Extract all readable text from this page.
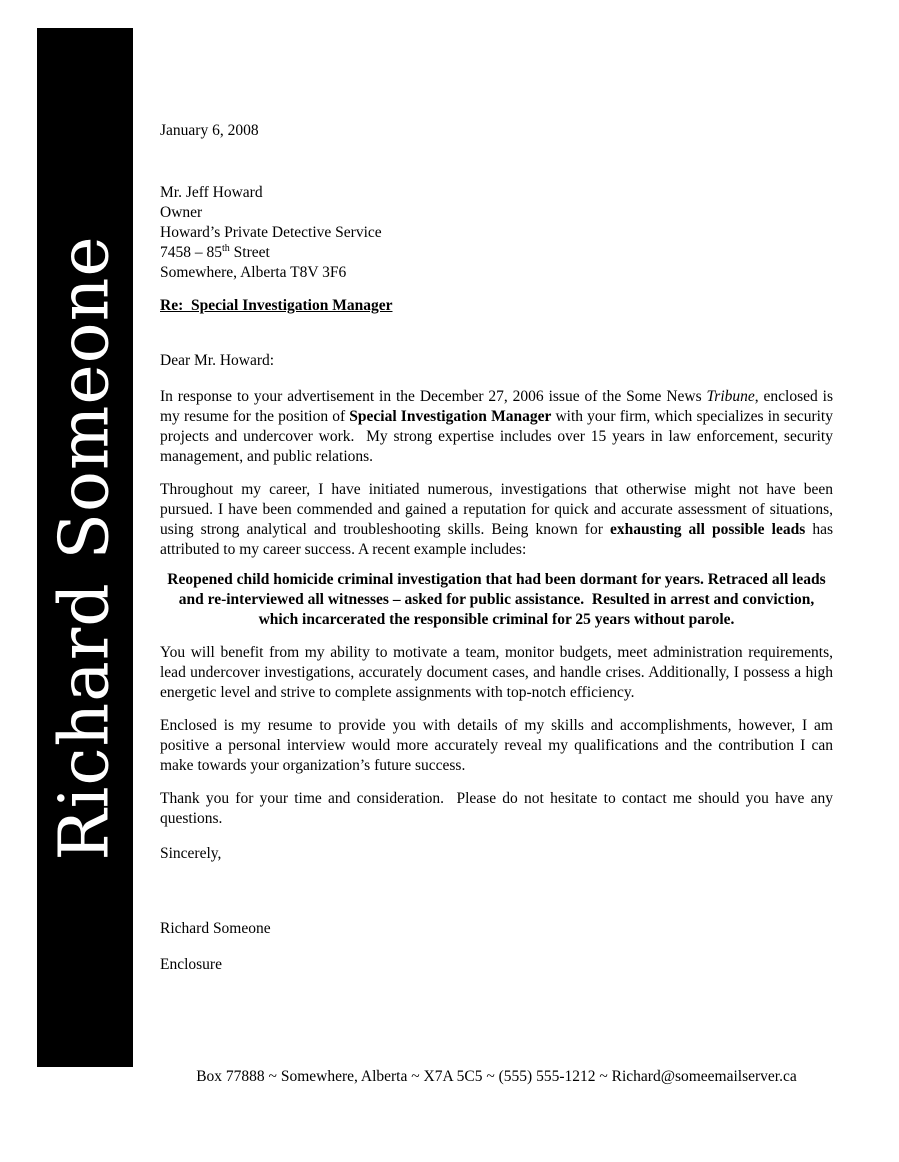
Richard Someone
January 6, 2008
Mr. Jeff Howard
Owner
Howard’s Private Detective Service
7458 – 85th Street
Somewhere, Alberta T8V 3F6
Re:  Special Investigation Manager
Dear Mr. Howard:
In response to your advertisement in the December 27, 2006 issue of the Some News Tribune, enclosed is my resume for the position of Special Investigation Manager with your firm, which specializes in security projects and undercover work.  My strong expertise includes over 15 years in law enforcement, security management, and public relations.
Throughout my career, I have initiated numerous, investigations that otherwise might not have been pursued. I have been commended and gained a reputation for quick and accurate assessment of situations, using strong analytical and troubleshooting skills. Being known for exhausting all possible leads has attributed to my career success. A recent example includes:
Reopened child homicide criminal investigation that had been dormant for years. Retraced all leads and re-interviewed all witnesses – asked for public assistance.  Resulted in arrest and conviction, which incarcerated the responsible criminal for 25 years without parole.
You will benefit from my ability to motivate a team, monitor budgets, meet administration requirements, lead undercover investigations, accurately document cases, and handle crises. Additionally, I possess a high energetic level and strive to complete assignments with top-notch efficiency.
Enclosed is my resume to provide you with details of my skills and accomplishments, however, I am positive a personal interview would more accurately reveal my qualifications and the contribution I can make towards your organization’s future success.
Thank you for your time and consideration.  Please do not hesitate to contact me should you have any questions.
Sincerely,
Richard Someone
Enclosure
Box 77888 ~ Somewhere, Alberta ~ X7A 5C5 ~ (555) 555-1212 ~ Richard@someemailserver.ca
